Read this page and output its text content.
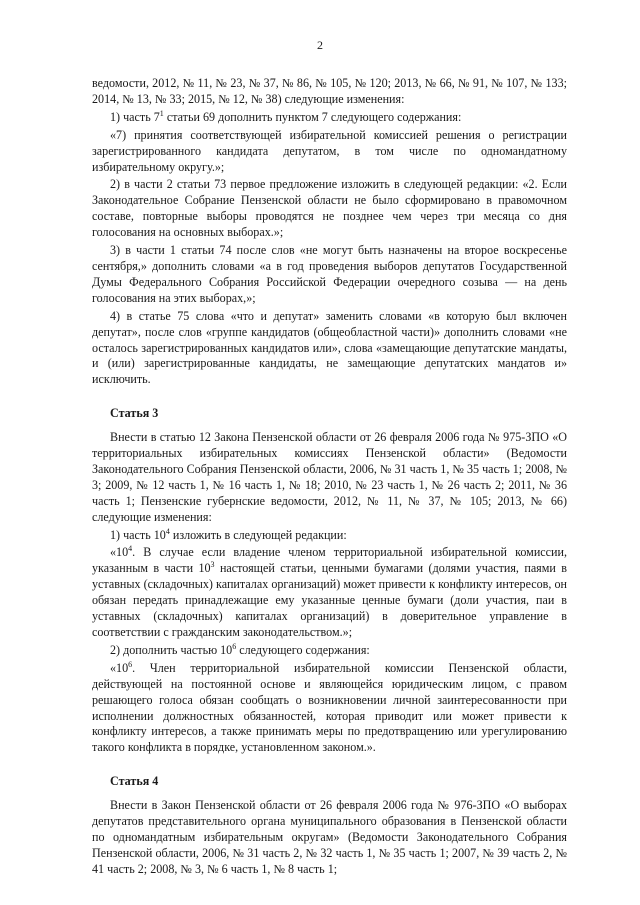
2

ведомости, 2012, № 11, № 23, № 37, № 86, № 105, № 120; 2013, № 66, № 91, № 107, № 133; 2014, № 13, № 33; 2015, № 12, № 38) следующие изменения:

1) часть $7^1$ статьи 69 дополнить пунктом 7 следующего содержания:

«7) принятия соответствующей избирательной комиссией решения о регистрации зарегистрированного кандидата депутатом, в том числе по одномандатному избирательному округу.»;

2) в части 2 статьи 73 первое предложение изложить в следующей редакции: «2. Если Законодательное Собрание Пензенской области не было сформировано в правомочном составе, повторные выборы проводятся не позднее чем через три месяца со дня голосования на основных выборах.»;

3) в части 1 статьи 74 после слов «не могут быть назначены на второе воскресенье сентября,» дополнить словами «а в год проведения выборов депутатов Государственной Думы Федерального Собрания Российской Федерации очередного созыва — на день голосования на этих выборах,»;

4) в статье 75 слова «что и депутат» заменить словами «в которую был включен депутат», после слов «группе кандидатов (общеобластной части)» дополнить словами «не осталось зарегистрированных кандидатов или», слова «замещающие депутатские мандаты, и (или) зарегистрированные кандидаты, не замещающие депутатских мандатов и» исключить.

Статья 3

Внести в статью 12 Закона Пензенской области от 26 февраля 2006 года № 975-ЗПО «О территориальных избирательных комиссиях Пензенской области» (Ведомости Законодательного Собрания Пензенской области, 2006, № 31 часть 1, № 35 часть 1; 2008, № 3; 2009, № 12 часть 1, № 16 часть 1, № 18; 2010, № 23 часть 1, № 26 часть 2; 2011, № 36 часть 1; Пензенские губернские ведомости, 2012, № 11, № 37, № 105; 2013, № 66) следующие изменения:

1) часть $10^4$ изложить в следующей редакции:

«$10^4$. В случае если владение членом территориальной избирательной комиссии, указанным в части $10^3$ настоящей статьи, ценными бумагами (долями участия, паями в уставных (складочных) капиталах организаций) может привести к конфликту интересов, он обязан передать принадлежащие ему указанные ценные бумаги (доли участия, паи в уставных (складочных) капиталах организаций) в доверительное управление в соответствии с гражданским законодательством.»;

2) дополнить частью $10^6$ следующего содержания:

«$10^6$. Член территориальной избирательной комиссии Пензенской области, действующей на постоянной основе и являющейся юридическим лицом, с правом решающего голоса обязан сообщать о возникновении личной заинтересованности при исполнении должностных обязанностей, которая приводит или может привести к конфликту интересов, а также принимать меры по предотвращению или урегулированию такого конфликта в порядке, установленном законом.».

Статья 4

Внести в Закон Пензенской области от 26 февраля 2006 года № 976-ЗПО «О выборах депутатов представительного органа муниципального образования в Пензенской области по одномандатным избирательным округам» (Ведомости Законодательного Собрания Пензенской области, 2006, № 31 часть 2, № 32 часть 1, № 35 часть 1; 2007, № 39 часть 2, № 41 часть 2; 2008, № 3, № 6 часть 1, № 8 часть 1;
